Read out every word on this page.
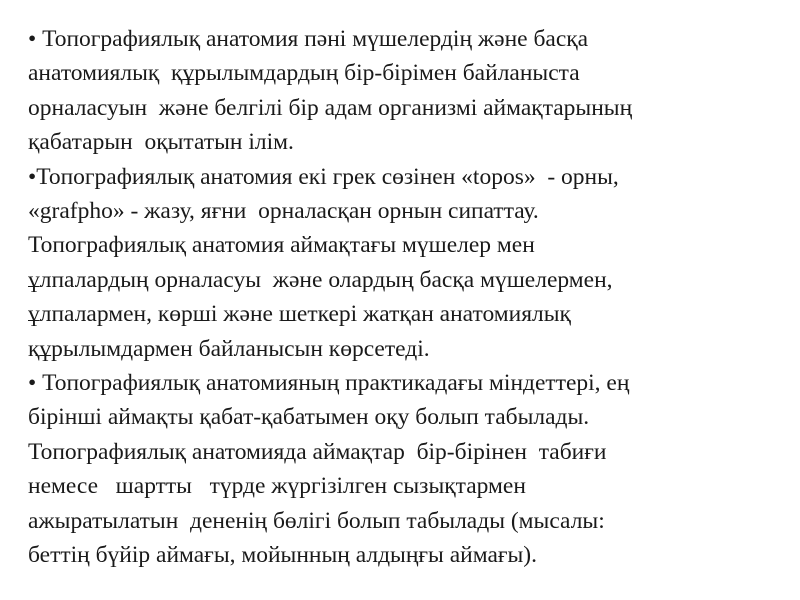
• Топографиялық анатомия пәні мүшелердің және басқа
анатомиялық  құрылымдардың бір-бірімен байланыста
орналасуын  және белгілі бір адам организмі аймақтарының
қабатарын  оқытатын ілім.
•Топографиялық анатомия екі грек сөзінен «topos»  - орны,
«grafpho» - жазу, яғни  орналасқан орнын сипаттау.
Топографиялық анатомия аймақтағы мүшелер мен
ұлпалардың орналасуы  және олардың басқа мүшелермен,
ұлпалармен, көрші және шеткері жатқан анатомиялық
құрылымдармен байланысын көрсетеді.
• Топографиялық анатомияның практикадағы міндеттері, ең
бірінші аймақты қабат-қабатымен оқу болып табылады.
Топографиялық анатомияда аймақтар  бір-бірінен  табиғи
немесе   шартты   түрде жүргізілген сызықтармен
ажыратылатын  дененің бөлігі болып табылады (мысалы:
беттің бүйір аймағы, мойынның алдыңғы аймағы).
